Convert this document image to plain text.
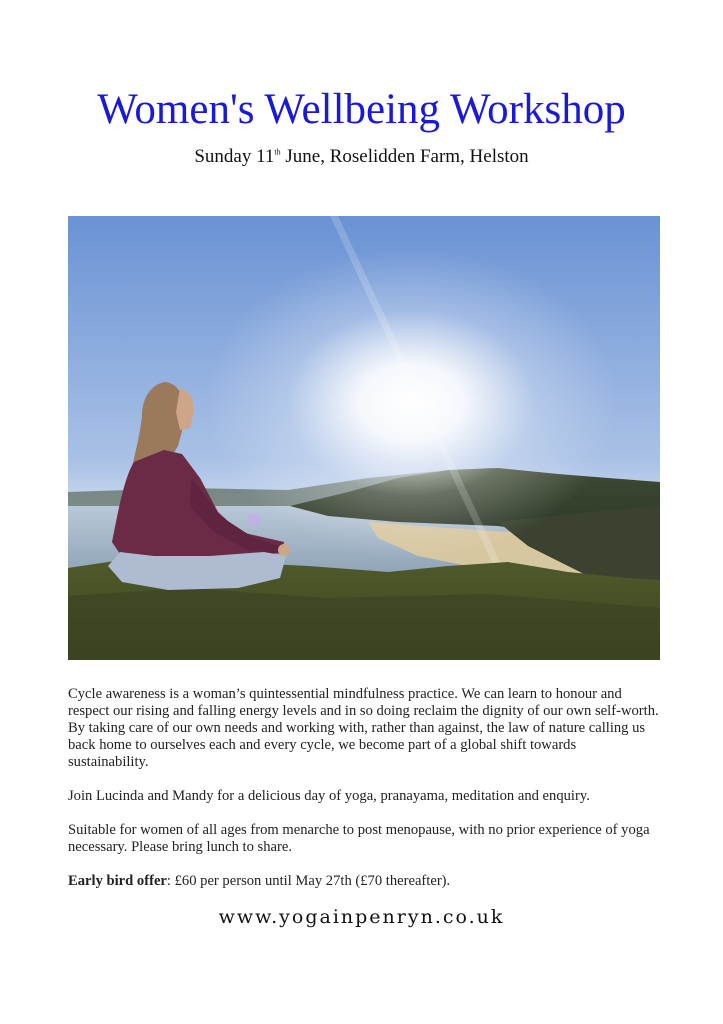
Women's Wellbeing Workshop
Sunday 11th June, Roselidden Farm, Helston

Cycle awareness is a woman’s quintessential mindfulness practice. We can learn to honour and respect our rising and falling energy levels and in so doing reclaim the dignity of our own self-worth. By taking care of our own needs and working with, rather than against, the law of nature calling us back home to ourselves each and every cycle, we become part of a global shift towards sustainability.

Join Lucinda and Mandy for a delicious day of yoga, pranayama, meditation and enquiry.

Suitable for women of all ages from menarche to post menopause, with no prior experience of yoga necessary. Please bring lunch to share.

Early bird offer: £60 per person until May 27th (£70 thereafter).

www.yogainpenryn.co.uk
